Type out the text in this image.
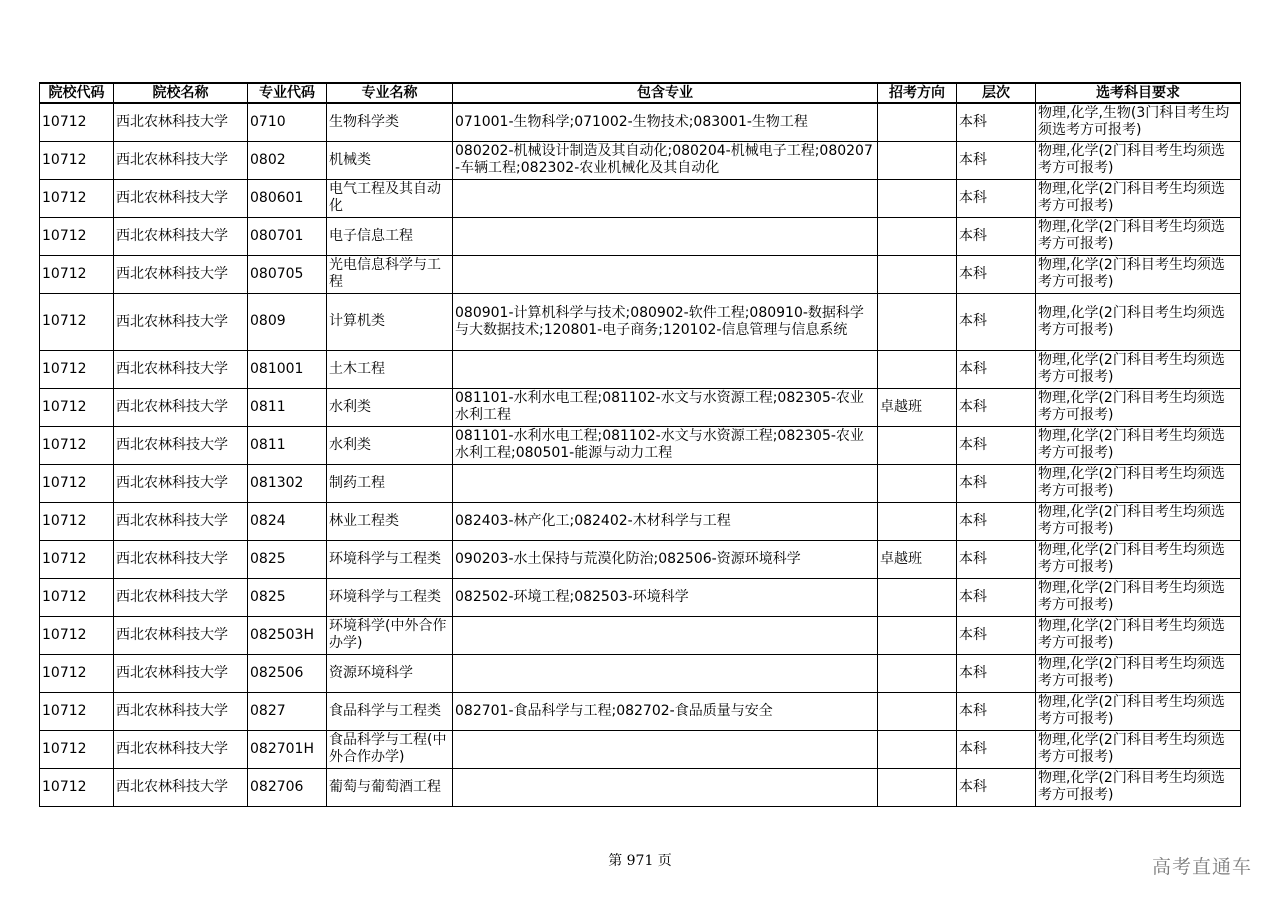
院校代码	院校名称	专业代码	专业名称	包含专业	招考方向	层次	选考科目要求
10712	西北农林科技大学	0710	生物科学类	071001-生物科学;071002-生物技术;083001-生物工程		本科	物理,化学,生物(3门科目考生均须选考方可报考)
10712	西北农林科技大学	0802	机械类	080202-机械设计制造及其自动化;080204-机械电子工程;080207-车辆工程;082302-农业机械化及其自动化		本科	物理,化学(2门科目考生均须选考方可报考)
10712	西北农林科技大学	080601	电气工程及其自动化			本科	物理,化学(2门科目考生均须选考方可报考)
10712	西北农林科技大学	080701	电子信息工程			本科	物理,化学(2门科目考生均须选考方可报考)
10712	西北农林科技大学	080705	光电信息科学与工程			本科	物理,化学(2门科目考生均须选考方可报考)
10712	西北农林科技大学	0809	计算机类	080901-计算机科学与技术;080902-软件工程;080910-数据科学与大数据技术;120801-电子商务;120102-信息管理与信息系统		本科	物理,化学(2门科目考生均须选考方可报考)
10712	西北农林科技大学	081001	土木工程			本科	物理,化学(2门科目考生均须选考方可报考)
10712	西北农林科技大学	0811	水利类	081101-水利水电工程;081102-水文与水资源工程;082305-农业水利工程	卓越班	本科	物理,化学(2门科目考生均须选考方可报考)
10712	西北农林科技大学	0811	水利类	081101-水利水电工程;081102-水文与水资源工程;082305-农业水利工程;080501-能源与动力工程		本科	物理,化学(2门科目考生均须选考方可报考)
10712	西北农林科技大学	081302	制药工程			本科	物理,化学(2门科目考生均须选考方可报考)
10712	西北农林科技大学	0824	林业工程类	082403-林产化工;082402-木材科学与工程		本科	物理,化学(2门科目考生均须选考方可报考)
10712	西北农林科技大学	0825	环境科学与工程类	090203-水土保持与荒漠化防治;082506-资源环境科学	卓越班	本科	物理,化学(2门科目考生均须选考方可报考)
10712	西北农林科技大学	0825	环境科学与工程类	082502-环境工程;082503-环境科学		本科	物理,化学(2门科目考生均须选考方可报考)
10712	西北农林科技大学	082503H	环境科学(中外合作办学)			本科	物理,化学(2门科目考生均须选考方可报考)
10712	西北农林科技大学	082506	资源环境科学			本科	物理,化学(2门科目考生均须选考方可报考)
10712	西北农林科技大学	0827	食品科学与工程类	082701-食品科学与工程;082702-食品质量与安全		本科	物理,化学(2门科目考生均须选考方可报考)
10712	西北农林科技大学	082701H	食品科学与工程(中外合作办学)			本科	物理,化学(2门科目考生均须选考方可报考)
10712	西北农林科技大学	082706	葡萄与葡萄酒工程			本科	物理,化学(2门科目考生均须选考方可报考)
第 971 页	高考直通车
